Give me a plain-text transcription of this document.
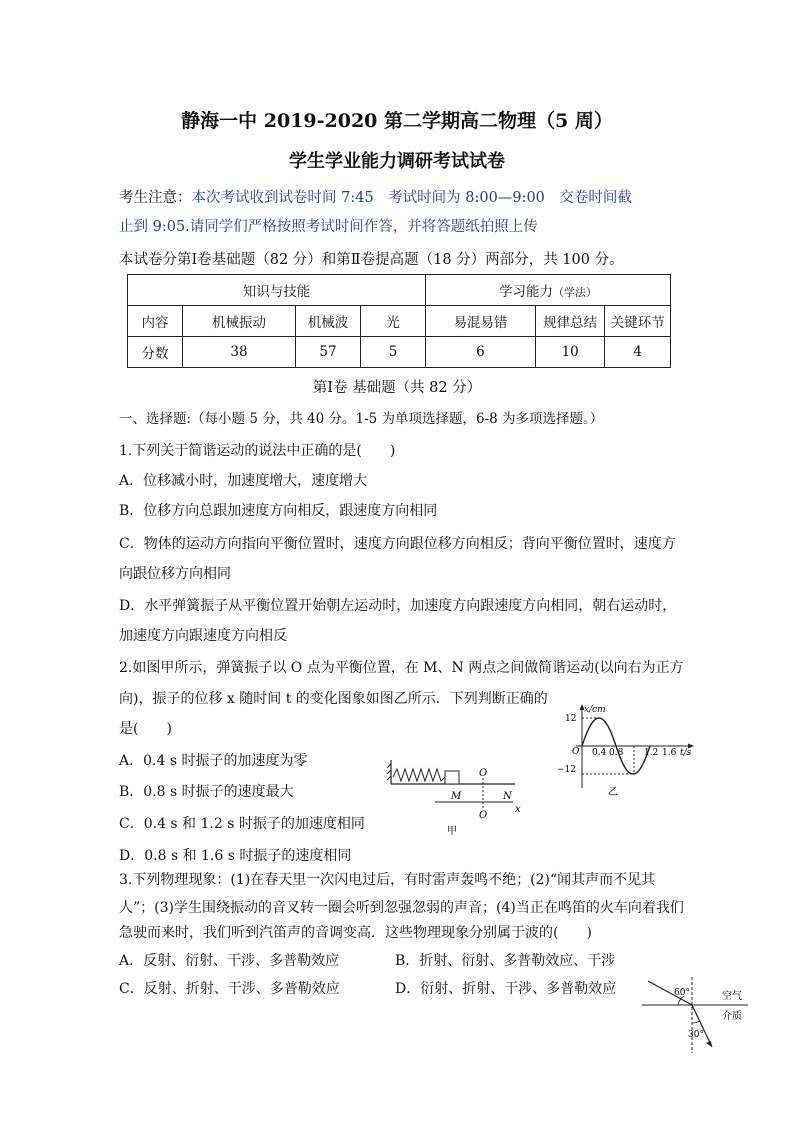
静海一中 2019-2020 第二学期高二物理（5 周）
学生学业能力调研考试试卷
考生注意：本次考试收到试卷时间 7:45　考试时间为 8:00—9:00　交卷时间截
止到 9:05.请同学们严格按照考试时间作答，并将答题纸拍照上传
本试卷分第Ⅰ卷基础题（82 分）和第Ⅱ卷提高题（18 分）两部分，共 100 分。
知识与技能				学习能力（学法）		
内容	机械振动	机械波	光	易混易错	规律总结	关键环节
分数	38	57	5	6	10	4
第Ⅰ卷 基础题（共 82 分）
一、选择题:（每小题 5 分，共 40 分。1-5 为单项选择题，6-8 为多项选择题。）
1.下列关于简谐运动的说法中正确的是(　　)
A．位移减小时，加速度增大，速度增大
B．位移方向总跟加速度方向相反，跟速度方向相同
C．物体的运动方向指向平衡位置时，速度方向跟位移方向相反；背向平衡位置时，速度方
向跟位移方向相同
D．水平弹簧振子从平衡位置开始朝左运动时，加速度方向跟速度方向相同，朝右运动时，
加速度方向跟速度方向相反
2.如图甲所示，弹簧振子以 O 点为平衡位置，在 M、N 两点之间做简谐运动(以向右为正方
向)，振子的位移 x 随时间 t 的变化图象如图乙所示．下列判断正确的
是(　　)
A．0.4 s 时振子的加速度为零
B．0.8 s 时振子的速度最大
C．0.4 s 和 1.2 s 时振子的加速度相同
D．0.8 s 和 1.6 s 时振子的速度相同
O
M	N
x
O
甲
x/cm
12
−12
O 0.4 0.8 1.2 1.6 t/s
乙
3.下列物理现象：(1)在春天里一次闪电过后，有时雷声轰鸣不绝；(2)“闻其声而不见其
人”；(3)学生围绕振动的音叉转一圈会听到忽强忽弱的声音；(4)当正在鸣笛的火车向着我们
急驶而来时，我们听到汽笛声的音调变高．这些物理现象分别属于波的(　　)
A．反射、衍射、干涉、多普勒效应	B．折射、衍射、多普勒效应、干涉
C．反射、折射、干涉、多普勒效应	D．衍射、折射、干涉、多普勒效应	60°
30°
空气
介质
